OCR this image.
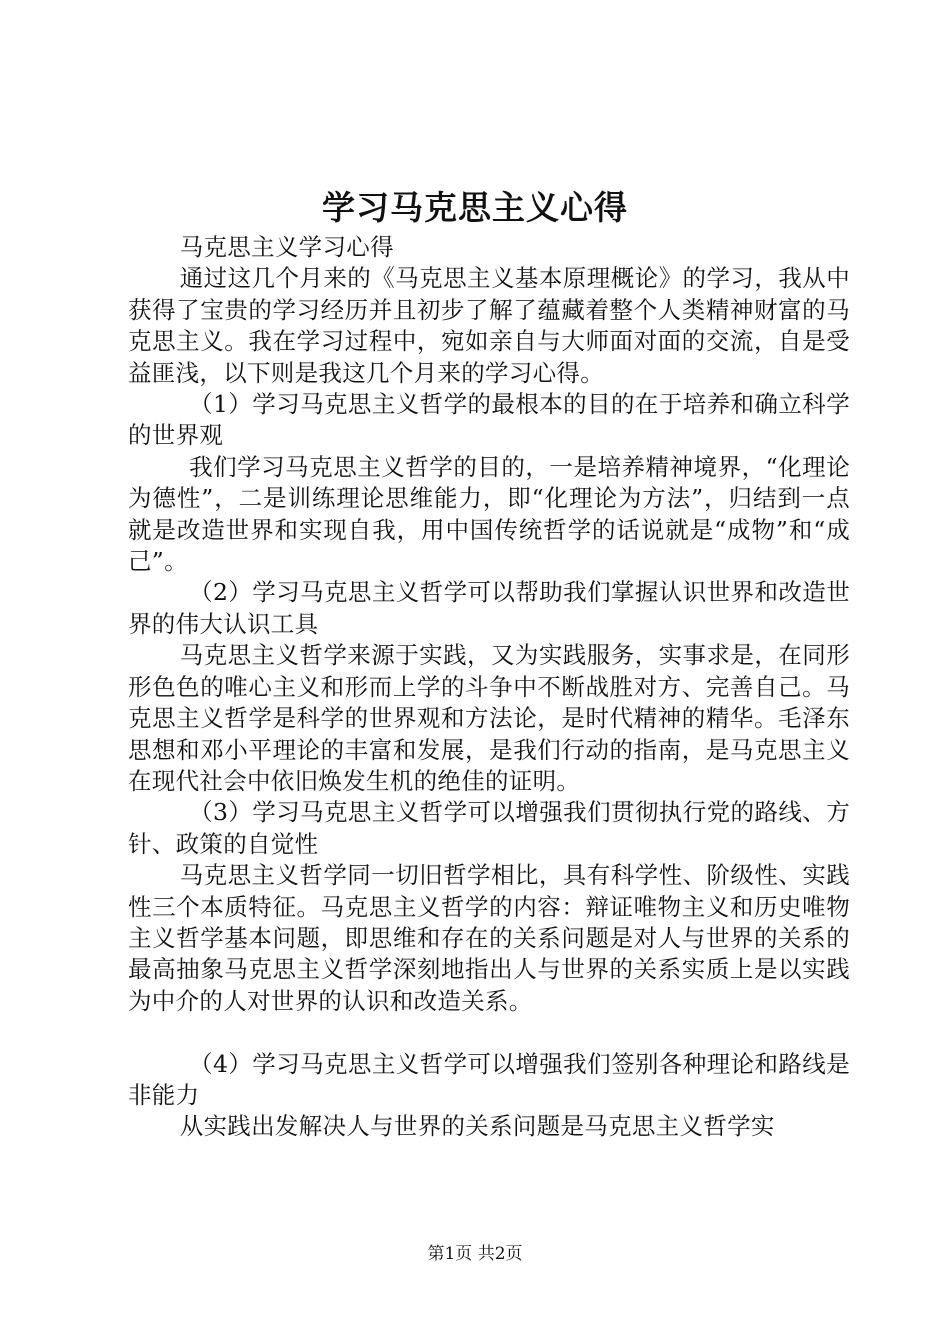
学习马克思主义心得

马克思主义学习心得

通过这几个月来的《马克思主义基本原理概论》的学习，我从中获得了宝贵的学习经历并且初步了解了蕴藏着整个人类精神财富的马克思主义。我在学习过程中，宛如亲自与大师面对面的交流，自是受益匪浅，以下则是我这几个月来的学习心得。

（1）学习马克思主义哲学的最根本的目的在于培养和确立科学的世界观

我们学习马克思主义哲学的目的，一是培养精神境界，“化理论为德性”，二是训练理论思维能力，即“化理论为方法”，归结到一点就是改造世界和实现自我，用中国传统哲学的话说就是“成物”和“成己”。

（2）学习马克思主义哲学可以帮助我们掌握认识世界和改造世界的伟大认识工具

马克思主义哲学来源于实践，又为实践服务，实事求是，在同形形色色的唯心主义和形而上学的斗争中不断战胜对方、完善自己。马克思主义哲学是科学的世界观和方法论，是时代精神的精华。毛泽东思想和邓小平理论的丰富和发展，是我们行动的指南，是马克思主义在现代社会中依旧焕发生机的绝佳的证明。

（3）学习马克思主义哲学可以增强我们贯彻执行党的路线、方针、政策的自觉性

马克思主义哲学同一切旧哲学相比，具有科学性、阶级性、实践性三个本质特征。马克思主义哲学的内容：辩证唯物主义和历史唯物主义哲学基本问题，即思维和存在的关系问题是对人与世界的关系的最高抽象马克思主义哲学深刻地指出人与世界的关系实质上是以实践为中介的人对世界的认识和改造关系。

（4）学习马克思主义哲学可以增强我们签别各种理论和路线是非能力

从实践出发解决人与世界的关系问题是马克思主义哲学实

第1页 共2页
